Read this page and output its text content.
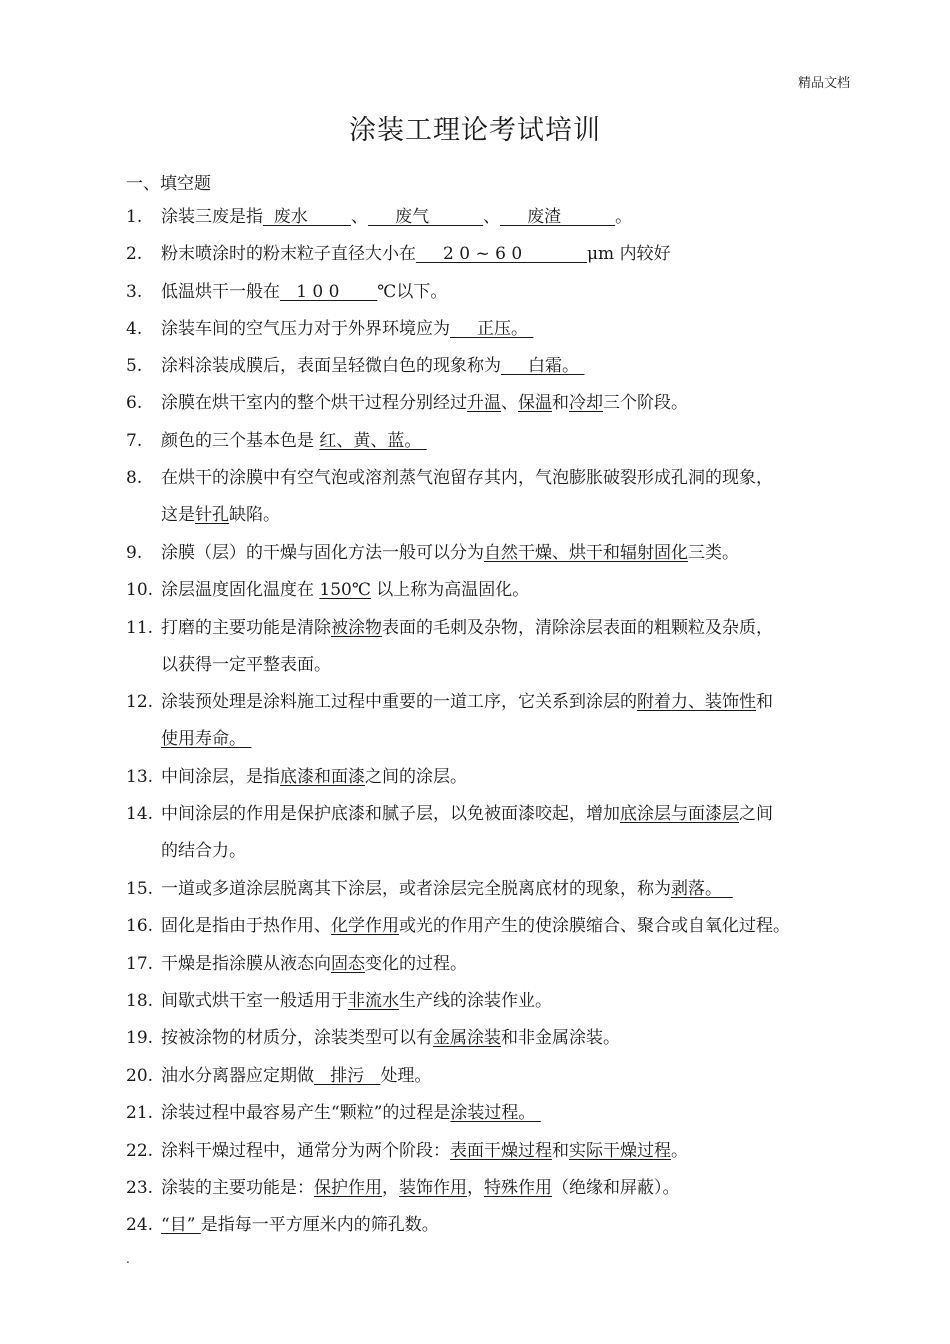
精品文档
涂装工理论考试培训
一、填空题
1. 涂装三废是指  废水        、     废气          、     废渣          。
2. 粉末喷涂时的粉末粒子直径大小在     2 0 ~ 6 0            μm 内较好
3. 低温烘干一般在   1 0 0       ℃以下。
4. 涂装车间的空气压力对于外界环境应为     正压。
5. 涂料涂装成膜后，表面呈轻微白色的现象称为     白霜。
6. 涂膜在烘干室内的整个烘干过程分别经过升温、保温和冷却三个阶段。
7. 颜色的三个基本色是 红、黄、蓝。
8. 在烘干的涂膜中有空气泡或溶剂蒸气泡留存其内，气泡膨胀破裂形成孔洞的现象，
这是针孔缺陷。
9. 涂膜（层）的干燥与固化方法一般可以分为自然干燥、烘干和辐射固化三类。
10. 涂层温度固化温度在 150℃ 以上称为高温固化。
11. 打磨的主要功能是清除被涂物表面的毛刺及杂物，清除涂层表面的粗颗粒及杂质，
以获得一定平整表面。
12. 涂装预处理是涂料施工过程中重要的一道工序，它关系到涂层的附着力、装饰性和
使用寿命。
13. 中间涂层，是指底漆和面漆之间的涂层。
14. 中间涂层的作用是保护底漆和腻子层，以免被面漆咬起，增加底涂层与面漆层之间
的结合力。
15. 一道或多道涂层脱离其下涂层，或者涂层完全脱离底材的现象，称为剥落。
16. 固化是指由于热作用、化学作用或光的作用产生的使涂膜缩合、聚合或自氧化过程。
17. 干燥是指涂膜从液态向固态变化的过程。
18. 间歇式烘干室一般适用于非流水生产线的涂装作业。
19. 按被涂物的材质分，涂装类型可以有金属涂装和非金属涂装。
20. 油水分离器应定期做   排污   处理。
21. 涂装过程中最容易产生“颗粒”的过程是涂装过程。
22. 涂料干燥过程中，通常分为两个阶段：表面干燥过程和实际干燥过程。
23. 涂装的主要功能是：保护作用，装饰作用，特殊作用（绝缘和屏蔽）。
24. “目” 是指每一平方厘米内的筛孔数。
.
